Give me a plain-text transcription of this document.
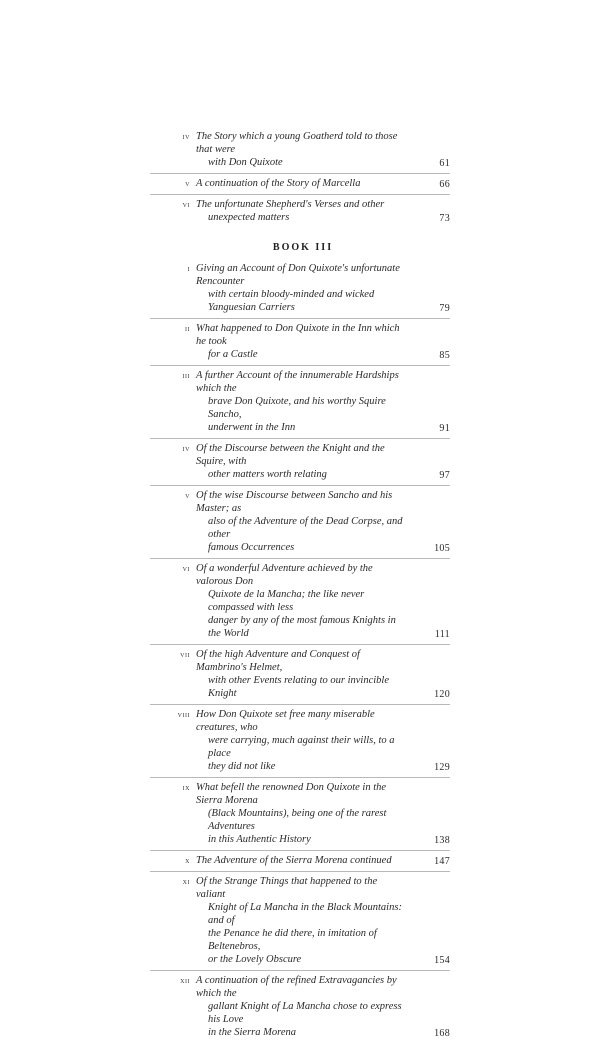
iv The Story which a young Goatherd told to those that were
with Don Quixote	61
v A continuation of the Story of Marcella	66
vi The unfortunate Shepherd's Verses and other
unexpected matters	73
BOOK III
i Giving an Account of Don Quixote's unfortunate Rencounter
with certain bloody-minded and wicked
Yanguesian Carriers	79
ii What happened to Don Quixote in the Inn which he took
for a Castle	85
iii A further Account of the innumerable Hardships which the
brave Don Quixote, and his worthy Squire Sancho,
underwent in the Inn	91
iv Of the Discourse between the Knight and the Squire, with
other matters worth relating	97
v Of the wise Discourse between Sancho and his Master; as
also of the Adventure of the Dead Corpse, and other
famous Occurrences	105
vi Of a wonderful Adventure achieved by the valorous Don
Quixote de la Mancha; the like never compassed with less
danger by any of the most famous Knights in the World	111
vii Of the high Adventure and Conquest of Mambrino's Helmet,
with other Events relating to our invincible Knight	120
viii How Don Quixote set free many miserable creatures, who
were carrying, much against their wills, to a place
they did not like	129
ix What befell the renowned Don Quixote in the Sierra Morena
(Black Mountains), being one of the rarest Adventures
in this Authentic History	138
x The Adventure of the Sierra Morena continued	147
xi Of the Strange Things that happened to the valiant
Knight of La Mancha in the Black Mountains: and of
the Penance he did there, in imitation of Beltenebros,
or the Lovely Obscure	154
xii A continuation of the refined Extravagancies by which the
gallant Knight of La Mancha chose to express his Love
in the Sierra Morena	168
